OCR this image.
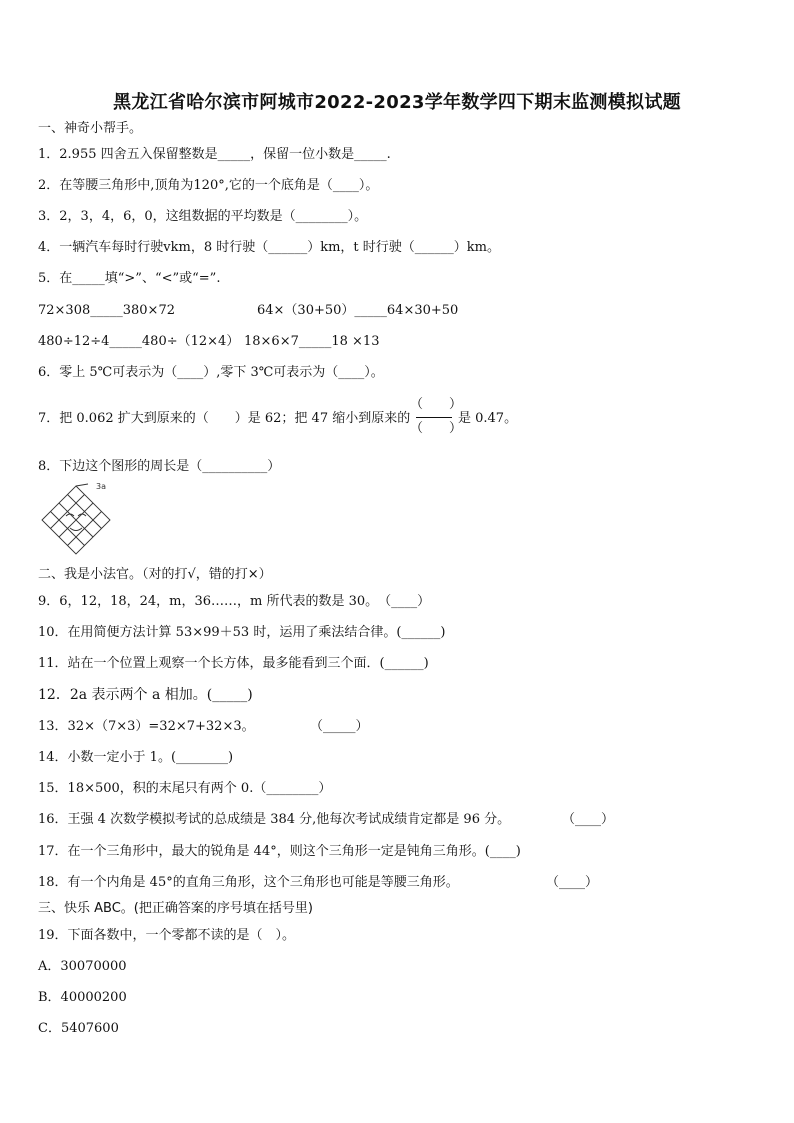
黑龙江省哈尔滨市阿城市2022-2023学年数学四下期末监测模拟试题
一、神奇小帮手。
1．2.955 四舍五入保留整数是_____，保留一位小数是_____.
2．在等腰三角形中,顶角为120°,它的一个底角是（____）。
3．2，3，4，6，0，这组数据的平均数是（________）。
4．一辆汽车每时行驶vkm，8 时行驶（______）km，t 时行驶（______）km。
5．在_____填“>”、“<”或“=”.
72×308_____380×72	64×（30+50）_____64×30+50
480÷12÷4_____480÷（12×4） 18×6×7_____18 ×13
6．零上 5℃可表示为（____）,零下 3℃可表示为（____）。
7．把 0.062 扩大到原来的（　　）是 62；把 47 缩小到原来的
（　　）
（　　）
是 0.47。
8．下边这个图形的周长是（__________）
3a
二、我是小法官。（对的打√，错的打×）
9．6，12，18，24，m，36……，m 所代表的数是 30。　（____）
10．在用简便方法计算 53×99＋53 时，运用了乘法结合律。(______)
11．站在一个位置上观察一个长方体，最多能看到三个面．(______)
12．2a 表示两个 a 相加。(_____)
13．32×（7×3）=32×7+32×3。	（_____）
14．小数一定小于 1。(________)
15．18×500，积的末尾只有两个 0.（________）
16．王强 4 次数学模拟考试的总成绩是 384 分,他每次考试成绩肯定都是 96 分。	（____）
17．在一个三角形中，最大的锐角是 44°，则这个三角形一定是钝角三角形。(____)
18．有一个内角是 45°的直角三角形，这个三角形也可能是等腰三角形。	（____）
三、快乐 ABC。(把正确答案的序号填在括号里)
19．下面各数中，一个零都不读的是（　）。
A．30070000
B．40000200
C．5407600
